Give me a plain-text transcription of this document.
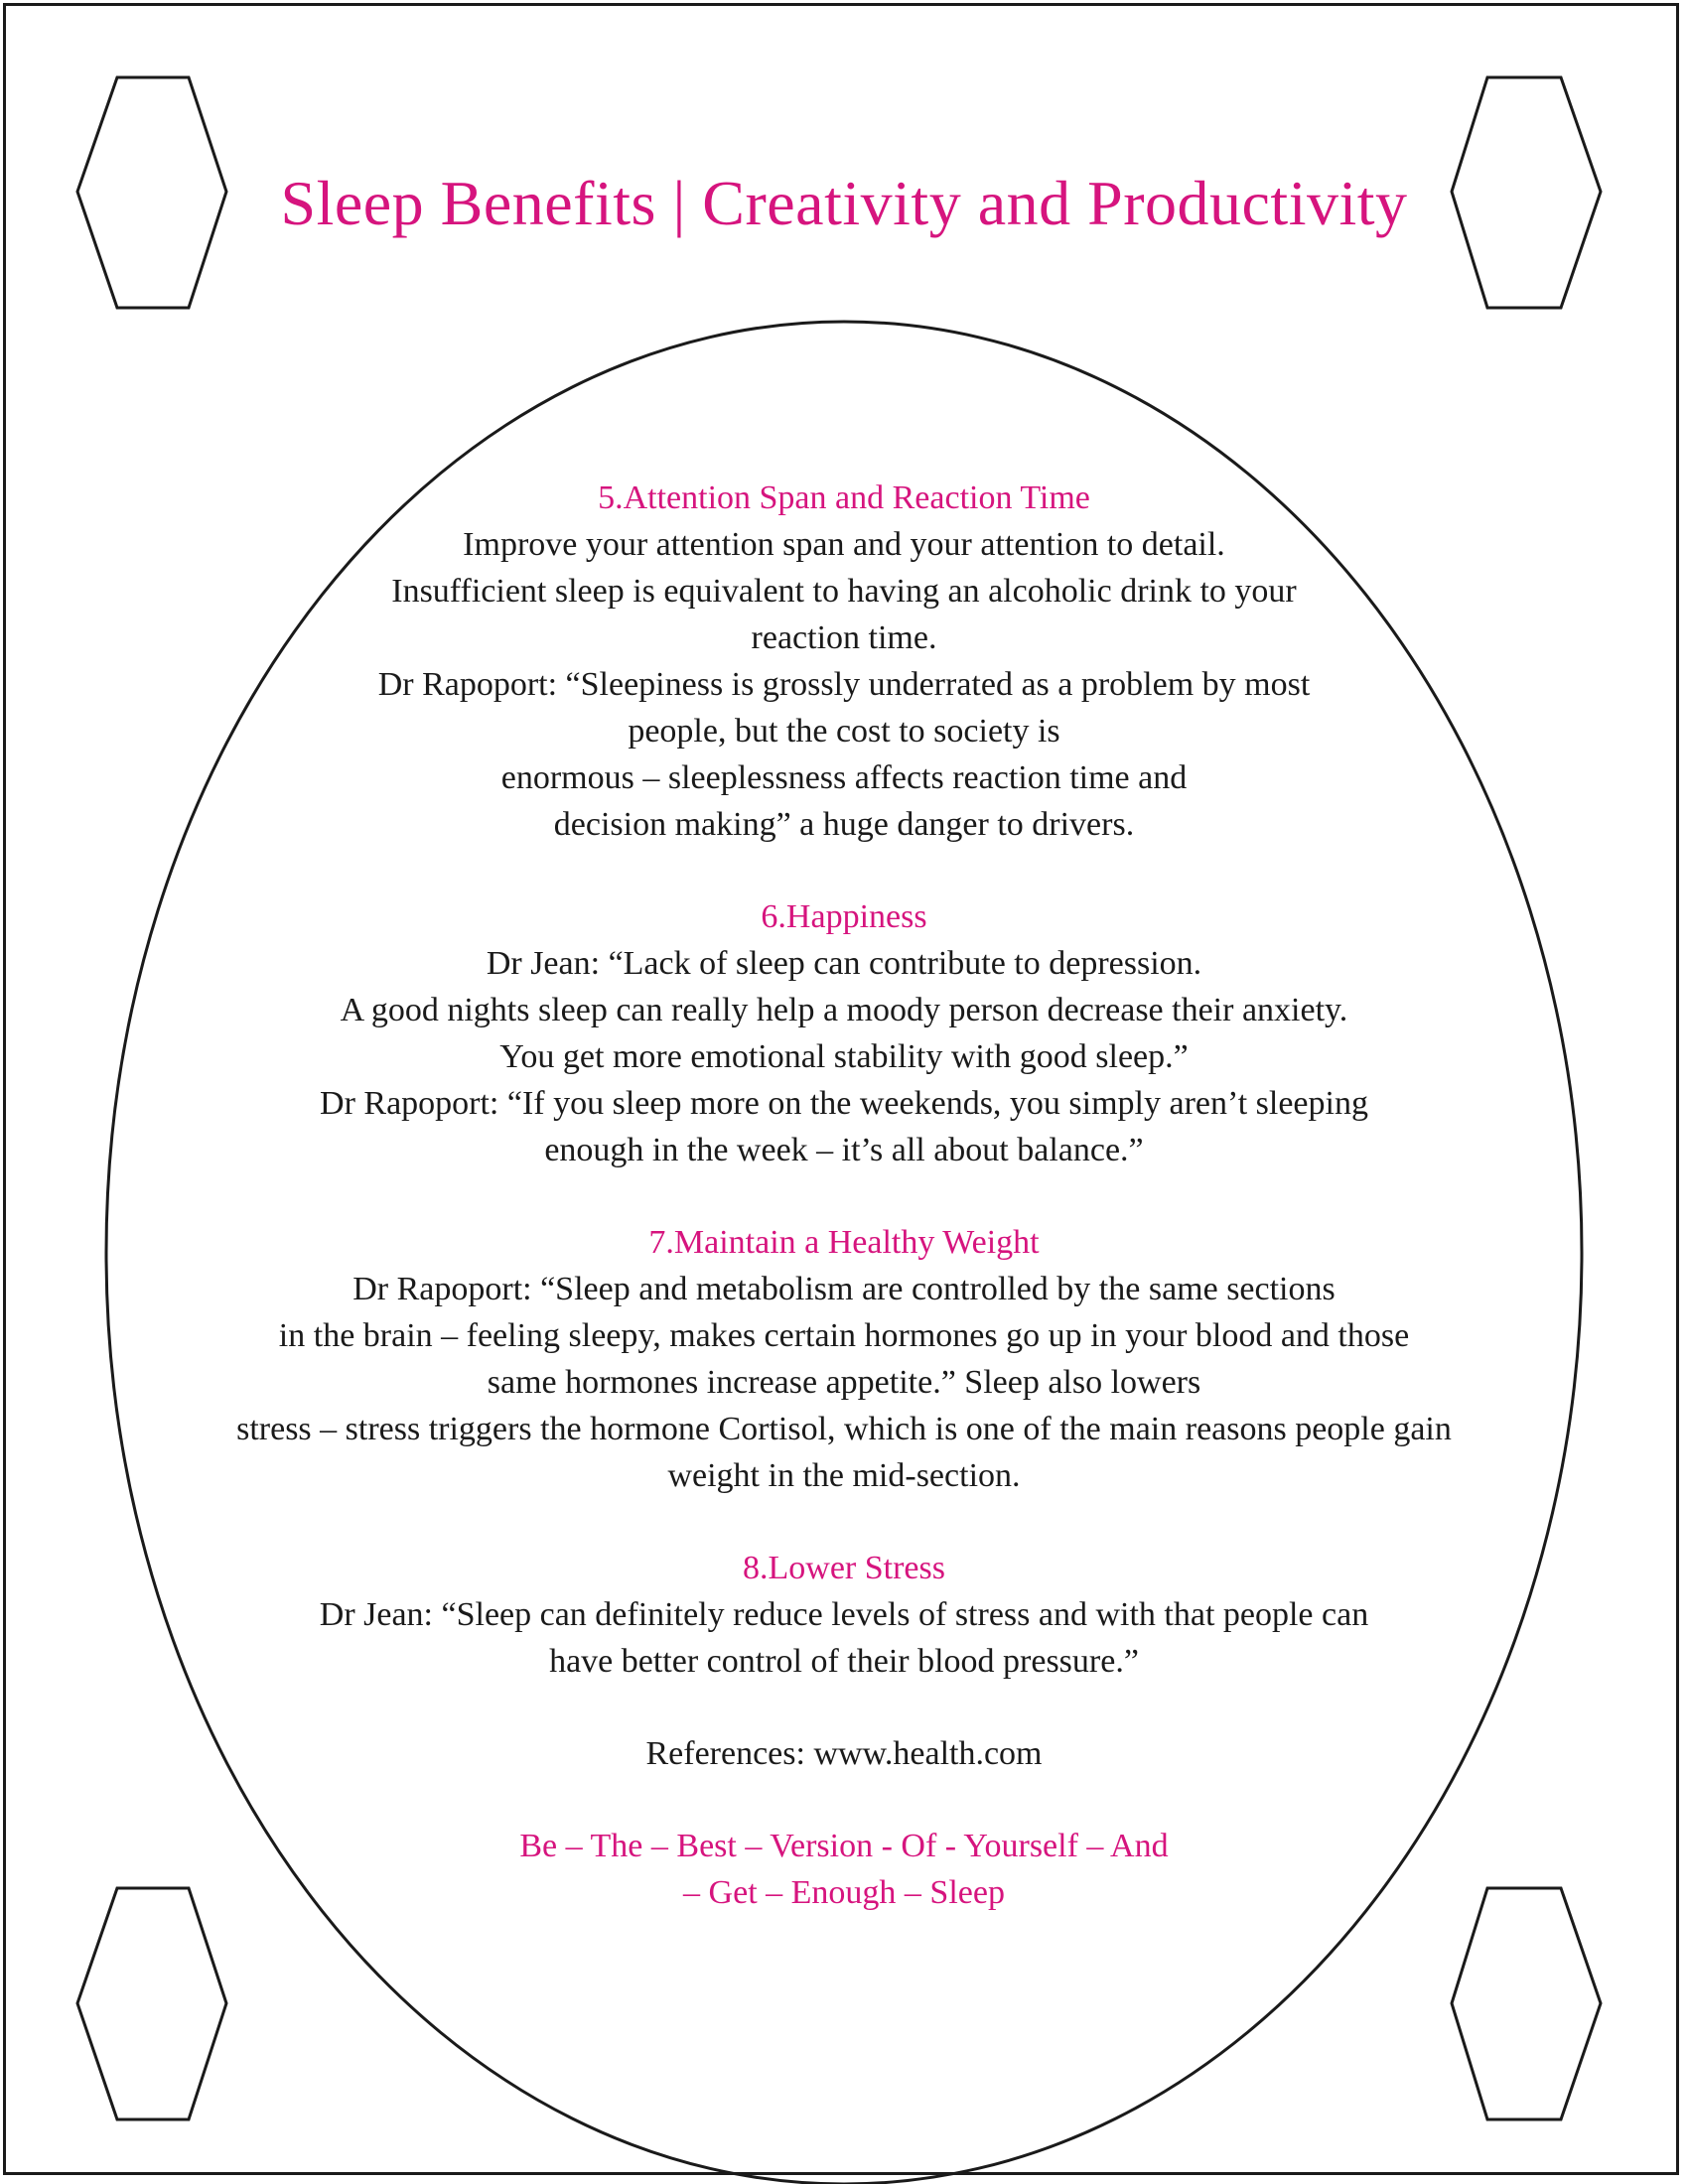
Sleep Benefits | Creativity and Productivity
5.Attention Span and Reaction Time
Improve your attention span and your attention to detail.
Insufficient sleep is equivalent to having an alcoholic drink to your
reaction time.
Dr Rapoport: “Sleepiness is grossly underrated as a problem by most
people, but the cost to society is
enormous – sleeplessness affects reaction time and
decision making” a huge danger to drivers.
6.Happiness
Dr Jean: “Lack of sleep can contribute to depression.
A good nights sleep can really help a moody person decrease their anxiety.
You get more emotional stability with good sleep.”
Dr Rapoport: “If you sleep more on the weekends, you simply aren’t sleeping
enough in the week – it’s all about balance.”
7.Maintain a Healthy Weight
Dr Rapoport: “Sleep and metabolism are controlled by the same sections
in the brain – feeling sleepy, makes certain hormones go up in your blood and those
same hormones increase appetite.” Sleep also lowers
stress – stress triggers the hormone Cortisol, which is one of the main reasons people gain
weight in the mid-section.
8.Lower Stress
Dr Jean: “Sleep can definitely reduce levels of stress and with that people can
have better control of their blood pressure.”
References: www.health.com
Be – The – Best – Version - Of - Yourself – And
– Get – Enough – Sleep
